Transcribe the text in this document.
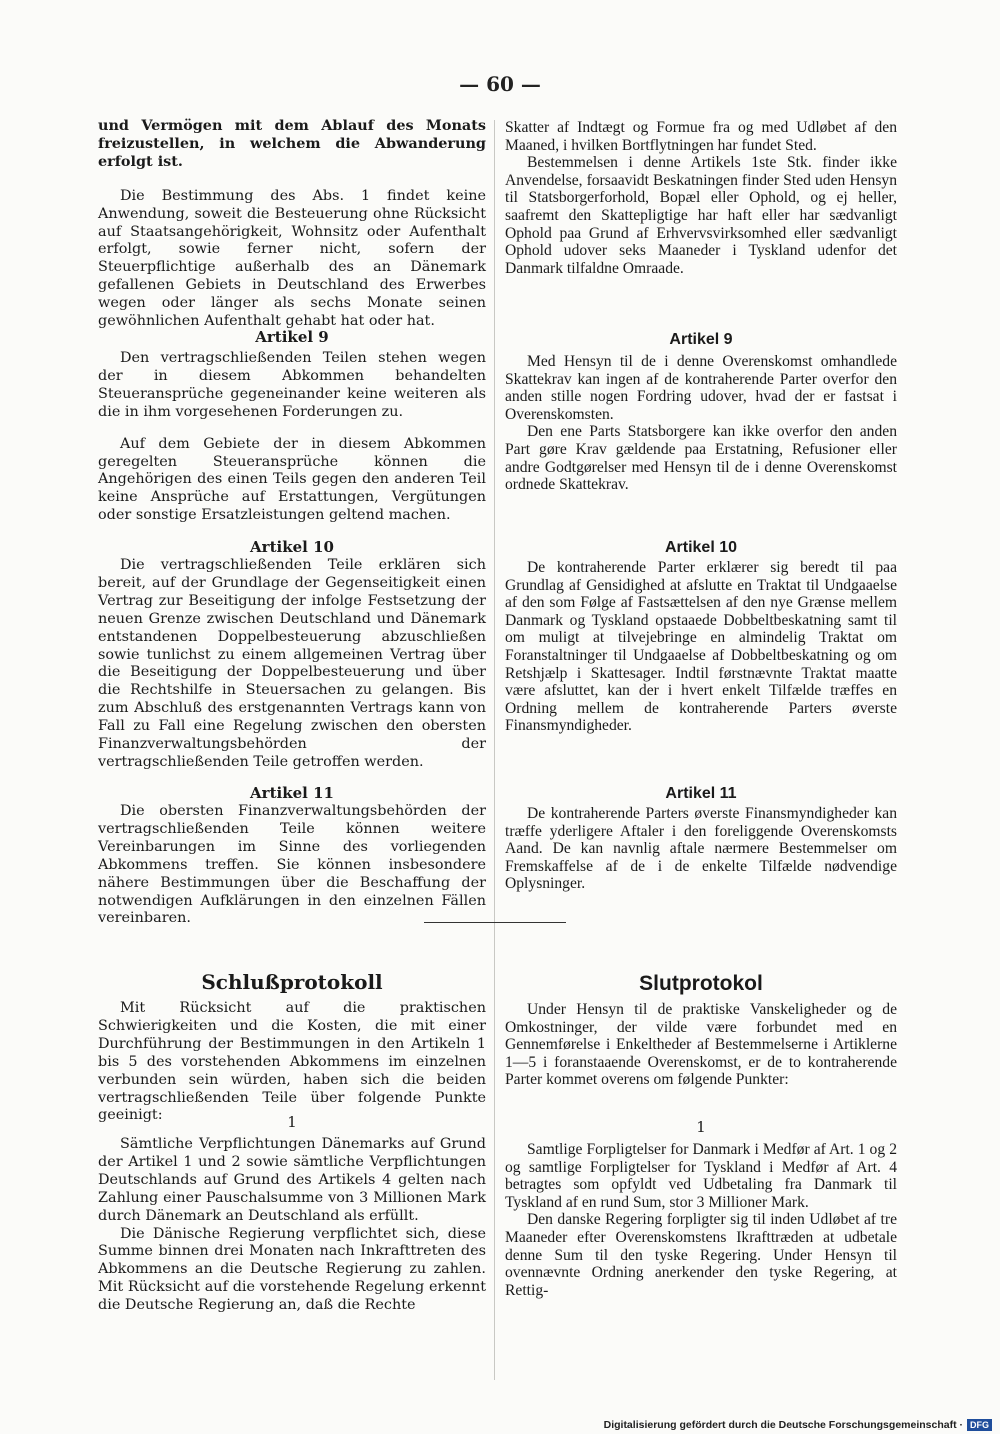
— 60 —

und Vermögen mit dem Ablauf des Monats freizustellen, in welchem die Abwanderung erfolgt ist.

Die Bestimmung des Abs. 1 findet keine Anwendung, soweit die Besteuerung ohne Rücksicht auf Staatsangehörigkeit, Wohnsitz oder Aufenthalt erfolgt, sowie ferner nicht, sofern der Steuerpflichtige außerhalb des an Dänemark gefallenen Gebiets in Deutschland des Erwerbes wegen oder länger als sechs Monate seinen gewöhnlichen Aufenthalt gehabt hat oder hat.

Artikel 9

Den vertragschließenden Teilen stehen wegen der in diesem Abkommen behandelten Steueransprüche gegeneinander keine weiteren als die in ihm vorgesehenen Forderungen zu.

Auf dem Gebiete der in diesem Abkommen geregelten Steueransprüche können die Angehörigen des einen Teils gegen den anderen Teil keine Ansprüche auf Erstattungen, Vergütungen oder sonstige Ersatzleistungen geltend machen.

Artikel 10

Die vertragschließenden Teile erklären sich bereit, auf der Grundlage der Gegenseitigkeit einen Vertrag zur Beseitigung der infolge Festsetzung der neuen Grenze zwischen Deutschland und Dänemark entstandenen Doppelbesteuerung abzuschließen sowie tunlichst zu einem allgemeinen Vertrag über die Beseitigung der Doppelbesteuerung und über die Rechtshilfe in Steuersachen zu gelangen. Bis zum Abschluß des erstgenannten Vertrags kann von Fall zu Fall eine Regelung zwischen den obersten Finanzverwaltungsbehörden der vertragschließenden Teile getroffen werden.

Artikel 11

Die obersten Finanzverwaltungsbehörden der vertragschließenden Teile können weitere Vereinbarungen im Sinne des vorliegenden Abkommens treffen. Sie können insbesondere nähere Bestimmungen über die Beschaffung der notwendigen Aufklärungen in den einzelnen Fällen vereinbaren.

Schlußprotokoll

Mit Rücksicht auf die praktischen Schwierigkeiten und die Kosten, die mit einer Durchführung der Bestimmungen in den Artikeln 1 bis 5 des vorstehenden Abkommens im einzelnen verbunden sein würden, haben sich die beiden vertragschließenden Teile über folgende Punkte geeinigt:	1

Sämtliche Verpflichtungen Dänemarks auf Grund der Artikel 1 und 2 sowie sämtliche Verpflichtungen Deutschlands auf Grund des Artikels 4 gelten nach Zahlung einer Pauschalsumme von 3 Millionen Mark durch Dänemark an Deutschland als erfüllt.

Die Dänische Regierung verpflichtet sich, diese Summe binnen drei Monaten nach Inkrafttreten des Abkommens an die Deutsche Regierung zu zahlen. Mit Rücksicht auf die vorstehende Regelung erkennt die Deutsche Regierung an, daß die Rechte

Skatter af Indtægt og Formue fra og med Udløbet af den Maaned, i hvilken Bortflytningen har fundet Sted.

Bestemmelsen i denne Artikels 1ste Stk. finder ikke Anvendelse, forsaavidt Beskatningen finder Sted uden Hensyn til Statsborgerforhold, Bopæl eller Ophold, og ej heller, saafremt den Skattepligtige har haft eller har sædvanligt Ophold paa Grund af Erhvervsvirksomhed eller sædvanligt Ophold udover seks Maaneder i Tyskland udenfor det Danmark tilfaldne Omraade.

Artikel 9

Med Hensyn til de i denne Overenskomst omhandlede Skattekrav kan ingen af de kontraherende Parter overfor den anden stille nogen Fordring udover, hvad der er fastsat i Overenskomsten.

Den ene Parts Statsborgere kan ikke overfor den anden Part gøre Krav gældende paa Erstatning, Refusioner eller andre Godtgørelser med Hensyn til de i denne Overenskomst ordnede Skattekrav.

Artikel 10

De kontraherende Parter erklærer sig beredt til paa Grundlag af Gensidighed at afslutte en Traktat til Undgaaelse af den som Følge af Fastsættelsen af den nye Grænse mellem Danmark og Tyskland opstaaede Dobbeltbeskatning samt til om muligt at tilvejebringe en almindelig Traktat om Foranstaltninger til Undgaaelse af Dobbeltbeskatning og om Retshjælp i Skattesager. Indtil førstnævnte Traktat maatte være afsluttet, kan der i hvert enkelt Tilfælde træffes en Ordning mellem de kontraherende Parters øverste Finansmyndigheder.

Artikel 11

De kontraherende Parters øverste Finansmyndigheder kan træffe yderligere Aftaler i den foreliggende Overenskomsts Aand. De kan navnlig aftale nærmere Bestemmelser om Fremskaffelse af de i de enkelte Tilfælde nødvendige Oplysninger.

Slutprotokol

Under Hensyn til de praktiske Vanskeligheder og de Omkostninger, der vilde være forbundet med en Gennemførelse i Enkeltheder af Bestemmelserne i Artiklerne 1—5 i foranstaaende Overenskomst, er de to kontraherende Parter kommet overens om følgende Punkter:

1

Samtlige Forpligtelser for Danmark i Medfør af Art. 1 og 2 og samtlige Forpligtelser for Tyskland i Medfør af Art. 4 betragtes som opfyldt ved Udbetaling fra Danmark til Tyskland af en rund Sum, stor 3 Millioner Mark.

Den danske Regering forpligter sig til inden Udløbet af tre Maaneder efter Overenskomstens Ikrafttræden at udbetale denne Sum til den tyske Regering. Under Hensyn til ovennævnte Ordning anerkender den tyske Regering, at Rettig-

Digitalisierung gefördert durch die Deutsche Forschungsgemeinschaft · DFG
